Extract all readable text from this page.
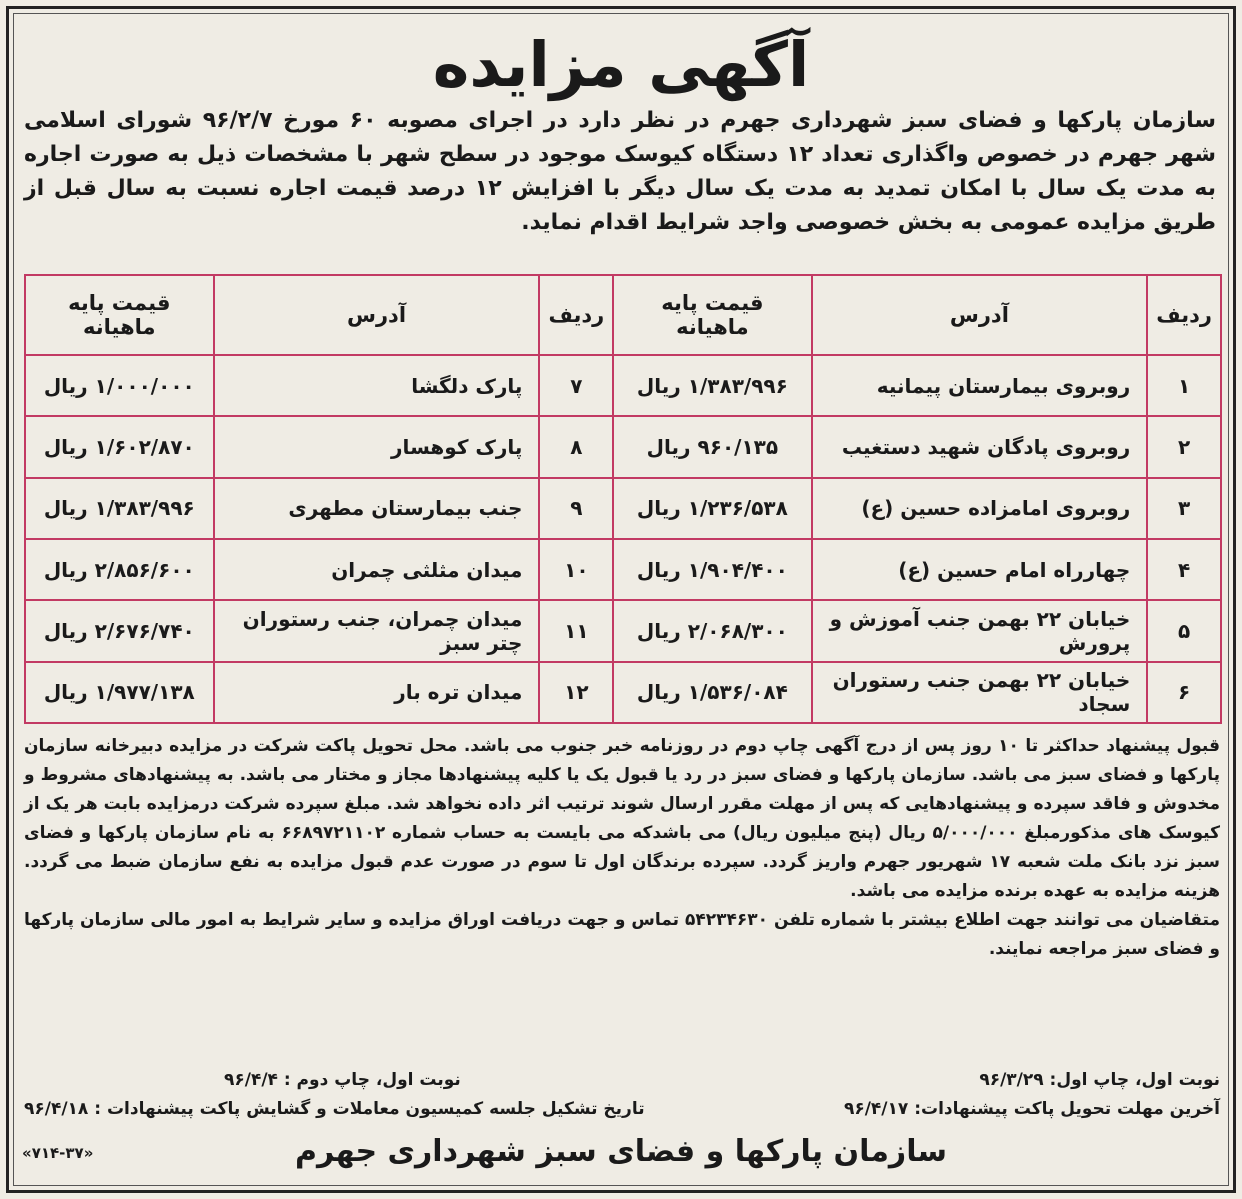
آگهی مزایده

سازمان پارکها و فضای سبز شهرداری جهرم در نظر دارد در اجرای مصوبه ۶۰ مورخ ۹۶/۲/۷ شورای اسلامی شهر جهرم در خصوص واگذاری تعداد ۱۲ دستگاه کیوسک موجود در سطح شهر با مشخصات ذیل به صورت اجاره به مدت یک سال با امکان تمدید به مدت یک سال دیگر با افزایش ۱۲ درصد قیمت اجاره نسبت به سال قبل از طریق مزایده عمومی به بخش خصوصی واجد شرایط اقدام نماید.

ردیف	آدرس	قیمت پایه ماهیانه	ردیف	آدرس	قیمت پایه ماهیانه
۱	روبروی بیمارستان پیمانیه	۱/۳۸۳/۹۹۶ ریال	۷	پارک دلگشا	۱/۰۰۰/۰۰۰ ریال
۲	روبروی پادگان شهید دستغیب	۹۶۰/۱۳۵ ریال	۸	پارک کوهسار	۱/۶۰۲/۸۷۰ ریال
۳	روبروی امامزاده حسین (ع)	۱/۲۳۶/۵۳۸ ریال	۹	جنب بیمارستان مطهری	۱/۳۸۳/۹۹۶ ریال
۴	چهارراه امام حسین (ع)	۱/۹۰۴/۴۰۰ ریال	۱۰	میدان مثلثی چمران	۲/۸۵۶/۶۰۰ ریال
۵	خیابان ۲۲ بهمن جنب آموزش و پرورش	۲/۰۶۸/۳۰۰ ریال	۱۱	میدان چمران، جنب رستوران چتر سبز	۲/۶۷۶/۷۴۰ ریال
۶	خیابان ۲۲ بهمن جنب رستوران سجاد	۱/۵۳۶/۰۸۴ ریال	۱۲	میدان تره بار	۱/۹۷۷/۱۳۸ ریال

قبول پیشنهاد حداکثر تا ۱۰ روز پس از درج آگهی چاپ دوم در روزنامه خبر جنوب می باشد. محل تحویل پاکت شرکت در مزایده دبیرخانه سازمان پارکها و فضای سبز می باشد. سازمان پارکها و فضای سبز در رد یا قبول یک یا کلیه پیشنهادها مجاز و مختار می باشد. به پیشنهادهای مشروط و مخدوش و فاقد سپرده و پیشنهادهایی که پس از مهلت مقرر ارسال شوند ترتیب اثر داده نخواهد شد. مبلغ سپرده شرکت درمزایده بابت هر یک از کیوسک های مذکورمبلغ ۵/۰۰۰/۰۰۰ ریال (پنج میلیون ریال) می باشدکه می بایست به حساب شماره ۶۶۸۹۷۲۱۱۰۲ به نام سازمان پارکها و فضای سبز نزد بانک ملت شعبه ۱۷ شهریور جهرم واریز گردد. سپرده برندگان اول تا سوم در صورت عدم قبول مزایده به نفع سازمان ضبط می گردد. هزینه مزایده به عهده برنده مزایده می باشد.

متقاضیان می توانند جهت اطلاع بیشتر با شماره تلفن ۵۴۲۳۴۶۳۰ تماس و جهت دریافت اوراق مزایده و سایر شرایط به امور مالی سازمان پارکها و فضای سبز مراجعه نمایند.

نوبت اول، چاپ اول: ۹۶/۳/۲۹
نوبت اول، چاپ دوم : ۹۶/۴/۴
آخرین مهلت تحویل پاکت پیشنهادات: ۹۶/۴/۱۷
تاریخ تشکیل جلسه کمیسیون معاملات و گشایش پاکت پیشنهادات : ۹۶/۴/۱۸
سازمان پارکها و فضای سبز شهرداری جهرم
«۷۱۴-۳۷»
